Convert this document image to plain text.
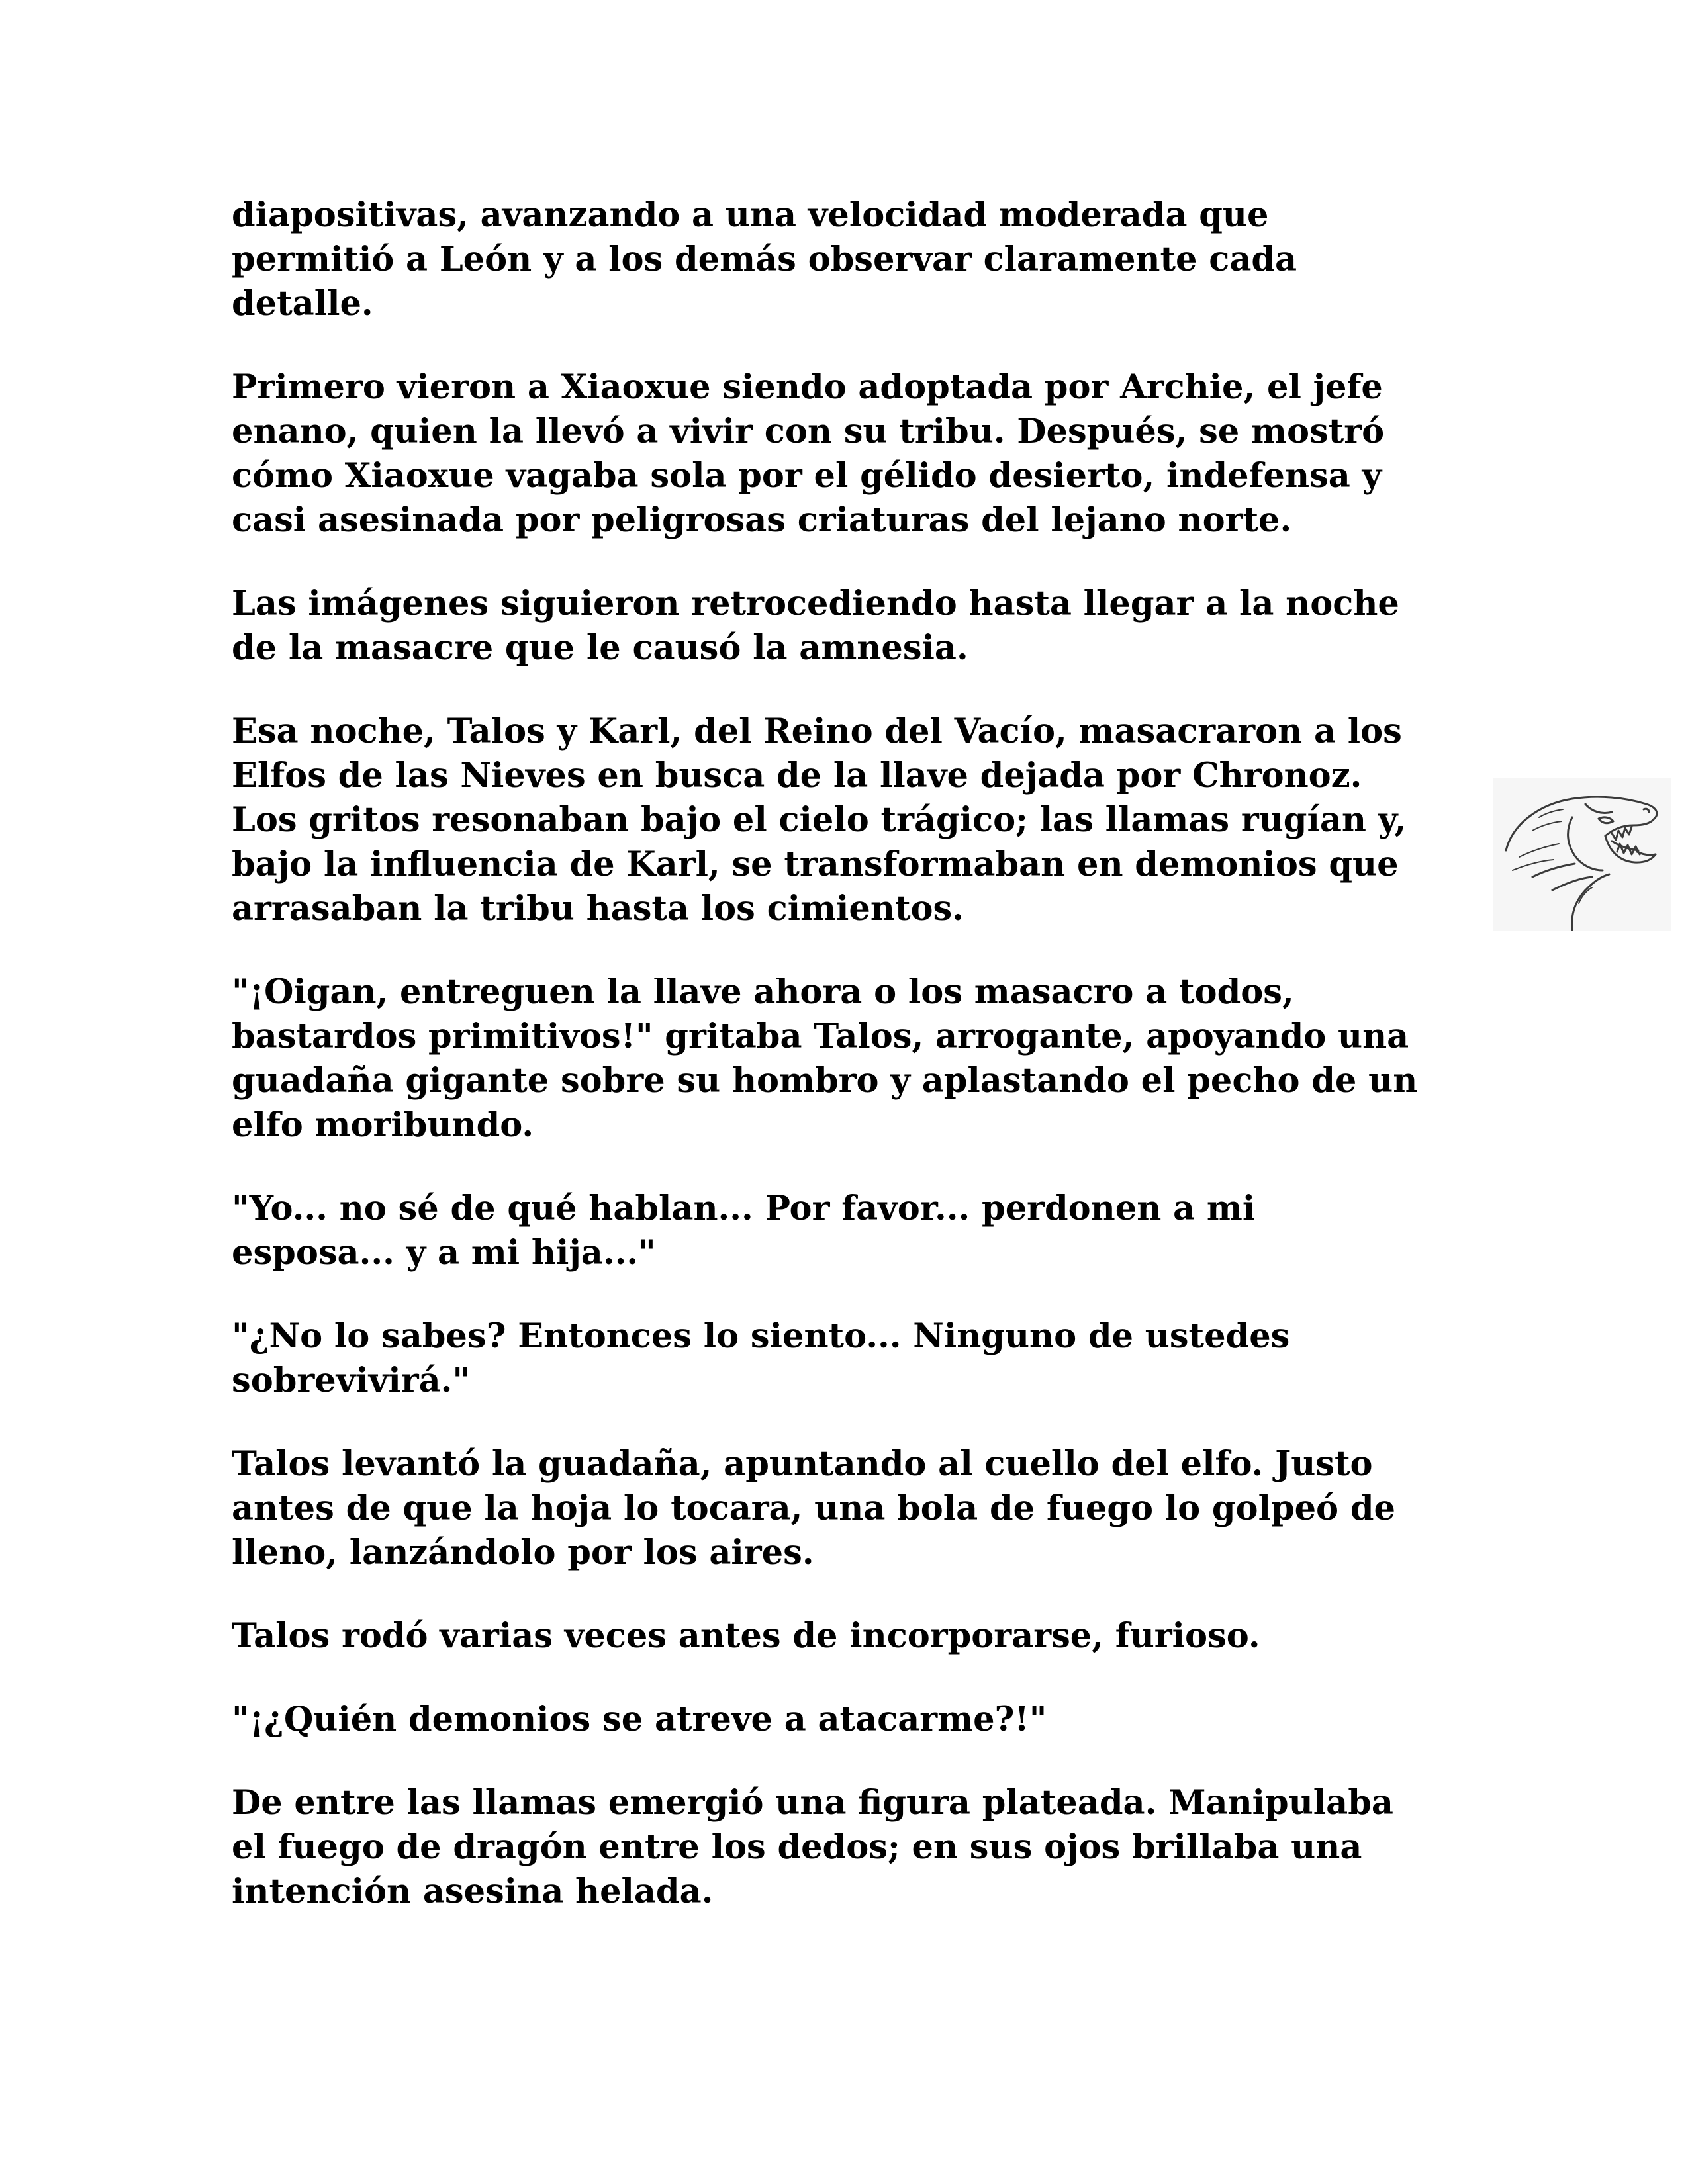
diapositivas, avanzando a una velocidad moderada que
permitió a León y a los demás observar claramente cada
detalle.

Primero vieron a Xiaoxue siendo adoptada por Archie, el jefe
enano, quien la llevó a vivir con su tribu. Después, se mostró
cómo Xiaoxue vagaba sola por el gélido desierto, indefensa y
casi asesinada por peligrosas criaturas del lejano norte.

Las imágenes siguieron retrocediendo hasta llegar a la noche
de la masacre que le causó la amnesia.

Esa noche, Talos y Karl, del Reino del Vacío, masacraron a los
Elfos de las Nieves en busca de la llave dejada por Chronoz.
Los gritos resonaban bajo el cielo trágico; las llamas rugían y,
bajo la influencia de Karl, se transformaban en demonios que
arrasaban la tribu hasta los cimientos.

"¡Oigan, entreguen la llave ahora o los masacro a todos,
bastardos primitivos!" gritaba Talos, arrogante, apoyando una
guadaña gigante sobre su hombro y aplastando el pecho de un
elfo moribundo.

"Yo... no sé de qué hablan... Por favor... perdonen a mi
esposa... y a mi hija..."

"¿No lo sabes? Entonces lo siento... Ninguno de ustedes
sobrevivirá."

Talos levantó la guadaña, apuntando al cuello del elfo. Justo
antes de que la hoja lo tocara, una bola de fuego lo golpeó de
lleno, lanzándolo por los aires.

Talos rodó varias veces antes de incorporarse, furioso.

"¡¿Quién demonios se atreve a atacarme?!"

De entre las llamas emergió una figura plateada. Manipulaba
el fuego de dragón entre los dedos; en sus ojos brillaba una
intención asesina helada.
